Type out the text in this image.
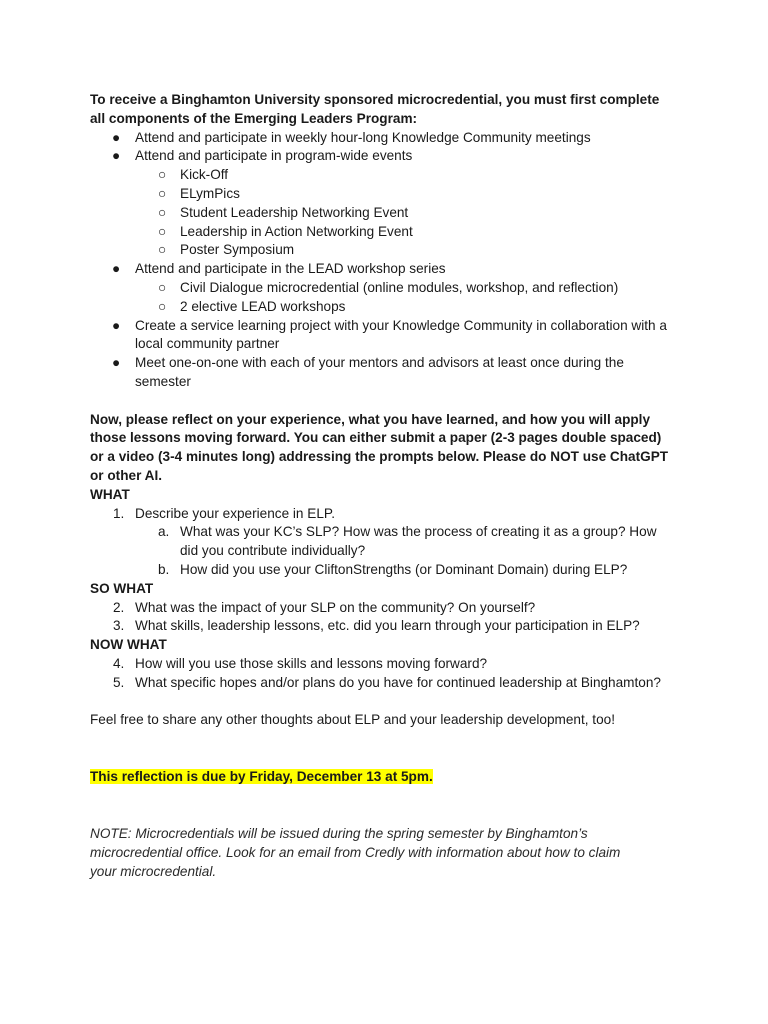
To receive a Binghamton University sponsored microcredential, you must first complete
all components of the Emerging Leaders Program:
● Attend and participate in weekly hour-long Knowledge Community meetings
● Attend and participate in program-wide events
○ Kick-Off
○ ELymPics
○ Student Leadership Networking Event
○ Leadership in Action Networking Event
○ Poster Symposium
● Attend and participate in the LEAD workshop series
○ Civil Dialogue microcredential (online modules, workshop, and reflection)
○ 2 elective LEAD workshops
● Create a service learning project with your Knowledge Community in collaboration with a local community partner
● Meet one-on-one with each of your mentors and advisors at least once during the semester
Now, please reflect on your experience, what you have learned, and how you will apply
those lessons moving forward. You can either submit a paper (2-3 pages double spaced)
or a video (3-4 minutes long) addressing the prompts below. Please do NOT use ChatGPT
or other AI.
WHAT
1. Describe your experience in ELP.
a. What was your KC’s SLP? How was the process of creating it as a group? How did you contribute individually?
b. How did you use your CliftonStrengths (or Dominant Domain) during ELP?
SO WHAT
2. What was the impact of your SLP on the community? On yourself?
3. What skills, leadership lessons, etc. did you learn through your participation in ELP?
NOW WHAT
4. How will you use those skills and lessons moving forward?
5. What specific hopes and/or plans do you have for continued leadership at Binghamton?
Feel free to share any other thoughts about ELP and your leadership development, too!
This reflection is due by Friday, December 13 at 5pm.
NOTE: Microcredentials will be issued during the spring semester by Binghamton’s microcredential office. Look for an email from Credly with information about how to claim your microcredential.
